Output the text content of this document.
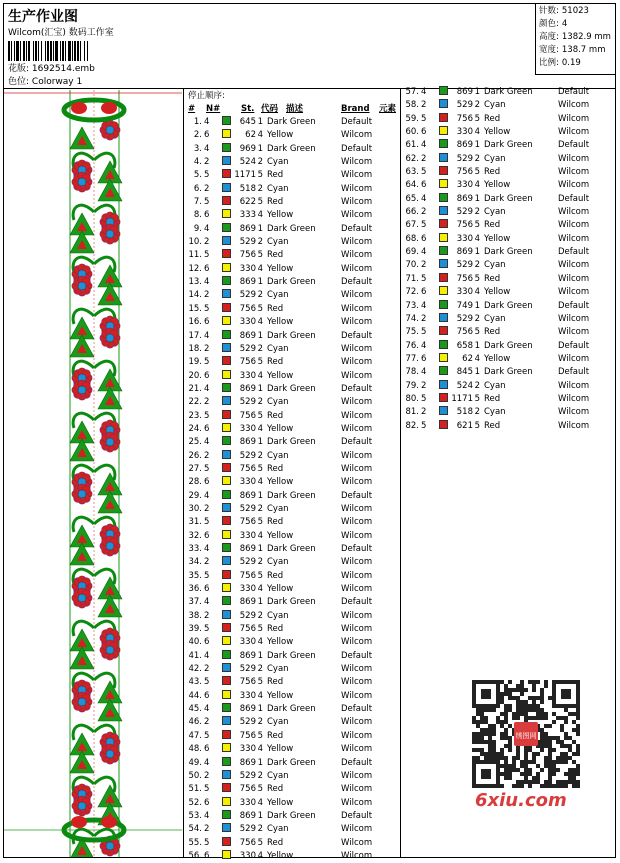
生产作业图
Wilcom(汇宝) 数码工作室
花版: 1692514.emb
色位: Colorway 1
针数: 51023
颜色: 4
高度: 1382.9 mm
宽度: 138.7 mm
比例: 0.19
停止顺序:
# N# St. 代码 描述	Brand 元素
1. 4	645 1 Dark Green	Default
2. 6	62 4 Yellow	Wilcom
3. 4	969 1 Dark Green	Default
4. 2	524 2 Cyan	Wilcom
5. 5	1171 5 Red	Wilcom
6. 2	518 2 Cyan	Wilcom
7. 5	622 5 Red	Wilcom
8. 6	333 4 Yellow	Wilcom
9. 4	869 1 Dark Green	Default
10. 2	529 2 Cyan	Wilcom
11. 5	756 5 Red	Wilcom
12. 6	330 4 Yellow	Wilcom
13. 4	869 1 Dark Green	Default
14. 2	529 2 Cyan	Wilcom
15. 5	756 5 Red	Wilcom
16. 6	330 4 Yellow	Wilcom
17. 4	869 1 Dark Green	Default
18. 2	529 2 Cyan	Wilcom
19. 5	756 5 Red	Wilcom
20. 6	330 4 Yellow	Wilcom
21. 4	869 1 Dark Green	Default
22. 2	529 2 Cyan	Wilcom
23. 5	756 5 Red	Wilcom
24. 6	330 4 Yellow	Wilcom
25. 4	869 1 Dark Green	Default
26. 2	529 2 Cyan	Wilcom
27. 5	756 5 Red	Wilcom
28. 6	330 4 Yellow	Wilcom
29. 4	869 1 Dark Green	Default
30. 2	529 2 Cyan	Wilcom
31. 5	756 5 Red	Wilcom
32. 6	330 4 Yellow	Wilcom
33. 4	869 1 Dark Green	Default
34. 2	529 2 Cyan	Wilcom
35. 5	756 5 Red	Wilcom
36. 6	330 4 Yellow	Wilcom
37. 4	869 1 Dark Green	Default
38. 2	529 2 Cyan	Wilcom
39. 5	756 5 Red	Wilcom
40. 6	330 4 Yellow	Wilcom
41. 4	869 1 Dark Green	Default
42. 2	529 2 Cyan	Wilcom
43. 5	756 5 Red	Wilcom
44. 6	330 4 Yellow	Wilcom
45. 4	869 1 Dark Green	Default
46. 2	529 2 Cyan	Wilcom
47. 5	756 5 Red	Wilcom
48. 6	330 4 Yellow	Wilcom
49. 4	869 1 Dark Green	Default
50. 2	529 2 Cyan	Wilcom
51. 5	756 5 Red	Wilcom
52. 6	330 4 Yellow	Wilcom
53. 4	869 1 Dark Green	Default
54. 2	529 2 Cyan	Wilcom
55. 5	756 5 Red	Wilcom
56. 6	330 4 Yellow	Wilcom
57. 4	869 1 Dark Green	Default
58. 2	529 2 Cyan	Wilcom
59. 5	756 5 Red	Wilcom
60. 6	330 4 Yellow	Wilcom
61. 4	869 1 Dark Green	Default
62. 2	529 2 Cyan	Wilcom
63. 5	756 5 Red	Wilcom
64. 6	330 4 Yellow	Wilcom
65. 4	869 1 Dark Green	Default
66. 2	529 2 Cyan	Wilcom
67. 5	756 5 Red	Wilcom
68. 6	330 4 Yellow	Wilcom
69. 4	869 1 Dark Green	Default
70. 2	529 2 Cyan	Wilcom
71. 5	756 5 Red	Wilcom
72. 6	330 4 Yellow	Wilcom
73. 4	749 1 Dark Green	Default
74. 2	529 2 Cyan	Wilcom
75. 5	756 5 Red	Wilcom
76. 4	658 1 Dark Green	Default
77. 6	62 4 Yellow	Wilcom
78. 4	845 1 Dark Green	Default
79. 2	524 2 Cyan	Wilcom
80. 5	1171 5 Red	Wilcom
81. 2	518 2 Cyan	Wilcom
82. 5	621 5 Red	Wilcom
绣图网
6xiu.com
